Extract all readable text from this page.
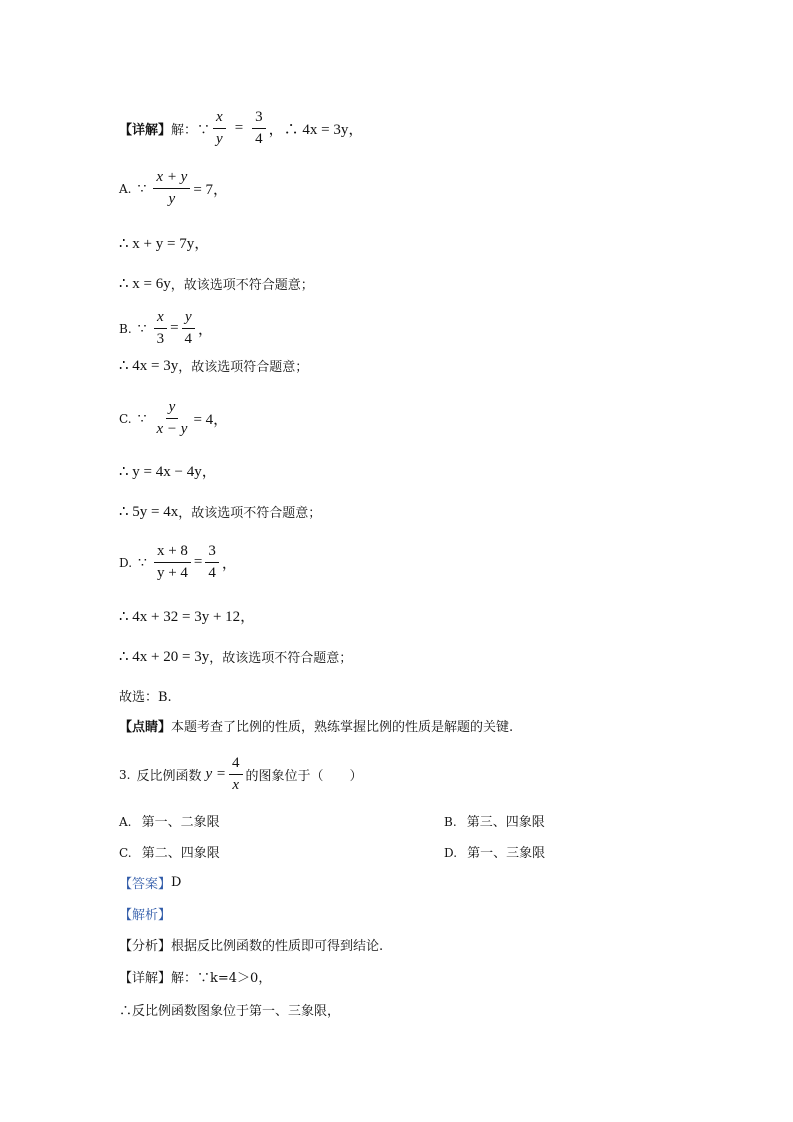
【详解】 解：∵ $\frac{x}{y} = \frac{3}{4}$ ，∴ 4x = 3y，
A. ∵ $\frac{x + y}{y} = 7$，
∴ x + y = 7y，
∴ x = 6y ，故该选项不符合题意；
B. ∵ $\frac{x}{3} = \frac{y}{4}$ ，
∴ 4x = 3y ，故该选项符合题意；
C. ∵ $\frac{y}{x - y} = 4$，
∴ y = 4x − 4y，
∴ 5y = 4x ，故该选项不符合题意；
D. ∵ $\frac{x + 8}{y + 4} = \frac{3}{4}$ ，
∴ 4x + 32 = 3y + 12，
∴ 4x + 20 = 3y ，故该选项不符合题意；
故选：B.
【点睛】 本题考查了比例的性质，熟练掌握比例的性质是解题的关键.
3. 反比例函数 $y = \frac{4}{x}$ 的图象位于（　　）
A. 第一、二象限	B. 第三、四象限
C. 第二、四象限	D. 第一、三象限
【答案】 D
【解析】
【分析】 根据反比例函数的性质即可得到结论.
【详解】 解：∵k=4＞0，
∴反比例函数图象位于第一、三象限，
